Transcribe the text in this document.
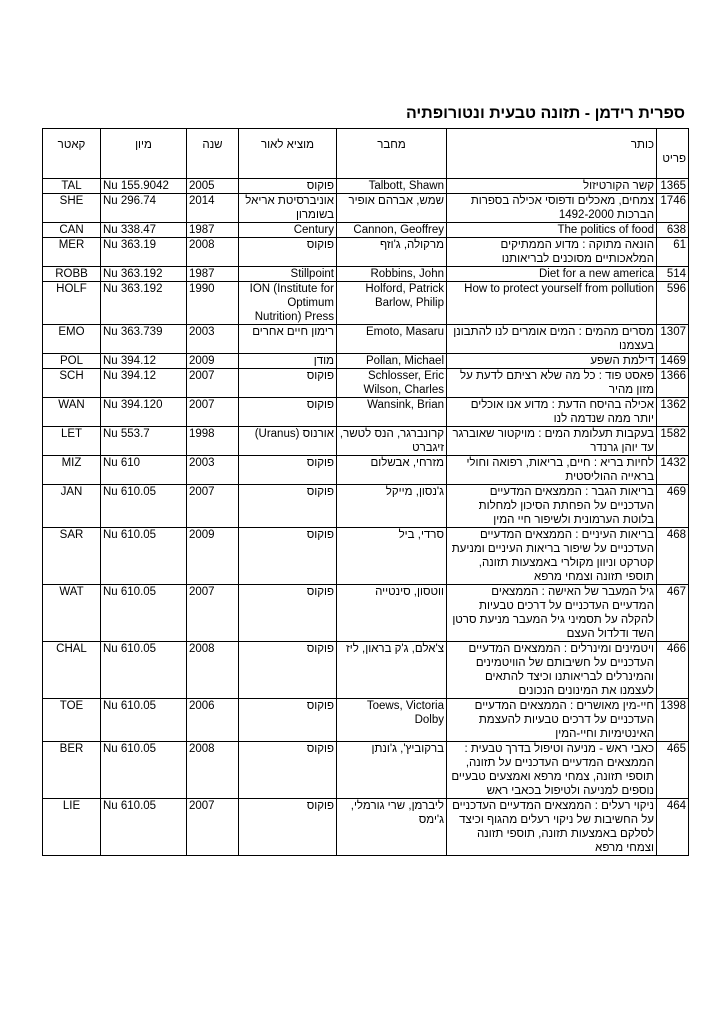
ספרית רידמן - תזונה טבעית ונטורופתיה
קאטר	מיון	שנה	מוציא לאור	מחבר	כותר	פריט

TAL	Nu 155.9042	2005	פוקוס	Talbott, Shawn	קשר הקורטיזול	1365
SHE	Nu 296.74	2014	אוניברסיטת אריאל בשומרון	שמש, אברהם אופיר	צמחים, מאכלים ודפוסי אכילה בספרות הברכות 1492-2000	1746
CAN	Nu 338.47	1987	Century	Cannon, Geoffrey	The politics of food	638
MER	Nu 363.19	2008	פוקוס	מרקולה, ג'וזף	הונאה מתוקה : מדוע הממתיקים המלאכותיים מסוכנים לבריאותנו	61
ROBB	Nu 363.192	1987	Stillpoint	Robbins, John	Diet for a new america	514
HOLF	Nu 363.192	1990	ION (Institute for Optimum Nutrition) Press	Holford, Patrick Barlow, Philip	How to protect yourself from pollution	596
EMO	Nu 363.739	2003	רימון חיים אחרים	Emoto, Masaru	מסרים מהמים : המים אומרים לנו להתבונן בעצמנו	1307
POL	Nu 394.12	2009	מודן	Pollan, Michael	דילמת השפע	1469
SCH	Nu 394.12	2007	פוקוס	Schlosser, Eric Wilson, Charles	פאסט פוד : כל מה שלא רציתם לדעת על מזון מהיר	1366
WAN	Nu 394.120	2007	פוקוס	Wansink, Brian	אכילה בהיסח הדעת : מדוע אנו אוכלים יותר ממה שנדמה לנו	1362
LET	Nu 553.7	1998	אורנוס (Uranus)	קרונברגר, הנס לטשר, זיגברט	בעקבות תעלומת המים : מויקטור שאוברגר עד יוהן גרנדר	1582
MIZ	Nu 610	2003	פוקוס	מזרחי, אבשלום	לחיות בריא : חיים, בריאות, רפואה וחולי בראייה ההוליסטית	1432
JAN	Nu 610.05	2007	פוקוס	ג'נסון, מייקל	בריאות הגבר : הממצאים המדעיים העדכניים על הפחתת הסיכון למחלות בלוטת הערמונית ולשיפור חיי המין	469
SAR	Nu 610.05	2009	פוקוס	סרדי, ביל	בריאות העיניים : הממצאים המדעיים העדכניים על שיפור בריאות העיניים ומניעת קטרקט וניוון מקולרי באמצעות תזונה, תוספי תזונה וצמחי מרפא	468
WAT	Nu 610.05	2007	פוקוס	ווטסון, סינטייה	גיל המעבר של האישה : הממצאים המדעיים העדכניים על דרכים טבעיות להקלה על תסמיני גיל המעבר מניעת סרטן השד ודלדול העצם	467
CHAL	Nu 610.05	2008	פוקוס	צ'אלם, ג'ק בראון, ליז	ויטמינים ומינרלים : הממצאים המדעיים העדכניים על חשיבותם של הוויטמינים והמינרלים לבריאותנו וכיצד להתאים לעצמנו את המינונים הנכונים	466
TOE	Nu 610.05	2006	פוקוס	Toews, Victoria Dolby	חיי-מין מאושרים : הממצאים המדעיים העדכניים על דרכים טבעיות להעצמת האינטימיות וחיי-המין	1398
BER	Nu 610.05	2008	פוקוס	ברקוביץ', ג'ונתן	כאבי ראש - מניעה וטיפול בדרך טבעית : הממצאים המדעיים העדכניים על תזונה, תוספי תזונה, צמחי מרפא ואמצעים טבעיים נוספים למניעה ולטיפול בכאבי ראש	465
LIE	Nu 610.05	2007	פוקוס	ליברמן, שרי גורמלי, ג'ימס	ניקוי רעלים : הממצאים המדעיים העדכניים על החשיבות של ניקוי רעלים מהגוף וכיצד לסלקם באמצעות תזונה, תוספי תזונה וצמחי מרפא	464
